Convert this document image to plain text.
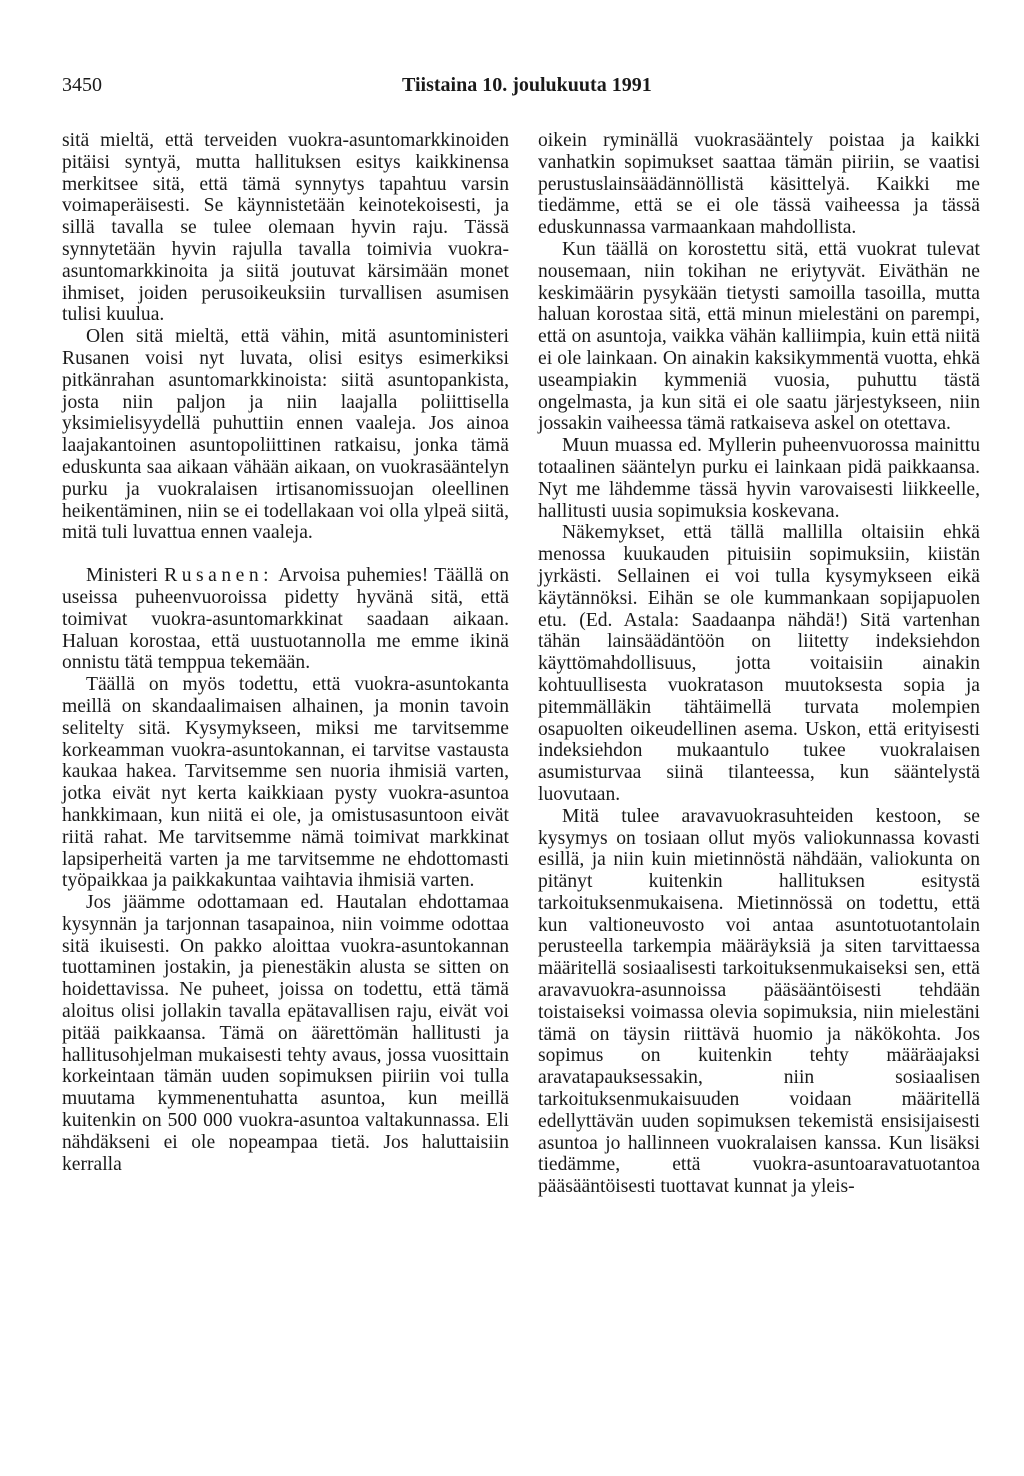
3450	Tiistaina 10. joulukuuta 1991

sitä mieltä, että terveiden vuokra-asuntomarkkinoiden pitäisi syntyä, mutta hallituksen esitys kaikkinensa merkitsee sitä, että tämä synnytys tapahtuu varsin voimaperäisesti. Se käynnistetään keinotekoisesti, ja sillä tavalla se tulee olemaan hyvin raju. Tässä synnytetään hyvin rajulla tavalla toimivia vuokra-asuntomarkkinoita ja siitä joutuvat kärsimään monet ihmiset, joiden perusoikeuksiin turvallisen asumisen tulisi kuulua.

Olen sitä mieltä, että vähin, mitä asuntoministeri Rusanen voisi nyt luvata, olisi esitys esimerkiksi pitkänrahan asuntomarkkinoista: siitä asuntopankista, josta niin paljon ja niin laajalla poliittisella yksimielisyydellä puhuttiin ennen vaaleja. Jos ainoa laajakantoinen asuntopoliittinen ratkaisu, jonka tämä eduskunta saa aikaan vähään aikaan, on vuokrasääntelyn purku ja vuokralaisen irtisanomissuojan oleellinen heikentäminen, niin se ei todellakaan voi olla ylpeä siitä, mitä tuli luvattua ennen vaaleja.

Ministeri Rusanen: Arvoisa puhemies! Täällä on useissa puheenvuoroissa pidetty hyvänä sitä, että toimivat vuokra-asuntomarkkinat saadaan aikaan. Haluan korostaa, että uustuotannolla me emme ikinä onnistu tätä temppua tekemään.

Täällä on myös todettu, että vuokra-asuntokanta meillä on skandaalimaisen alhainen, ja monin tavoin selitelty sitä. Kysymykseen, miksi me tarvitsemme korkeamman vuokra-asuntokannan, ei tarvitse vastausta kaukaa hakea. Tarvitsemme sen nuoria ihmisiä varten, jotka eivät nyt kerta kaikkiaan pysty vuokra-asuntoa hankkimaan, kun niitä ei ole, ja omistusasuntoon eivät riitä rahat. Me tarvitsemme nämä toimivat markkinat lapsiperheitä varten ja me tarvitsemme ne ehdottomasti työpaikkaa ja paikkakuntaa vaihtavia ihmisiä varten.

Jos jäämme odottamaan ed. Hautalan ehdottamaa kysynnän ja tarjonnan tasapainoa, niin voimme odottaa sitä ikuisesti. On pakko aloittaa vuokra-asuntokannan tuottaminen jostakin, ja pienestäkin alusta se sitten on hoidettavissa. Ne puheet, joissa on todettu, että tämä aloitus olisi jollakin tavalla epätavallisen raju, eivät voi pitää paikkaansa. Tämä on äärettömän hallitusti ja hallitusohjelman mukaisesti tehty avaus, jossa vuosittain korkeintaan tämän uuden sopimuksen piiriin voi tulla muutama kymmenentuhatta asuntoa, kun meillä kuitenkin on 500 000 vuokra-asuntoa valtakunnassa. Eli nähdäkseni ei ole nopeampaa tietä. Jos haluttaisiin kerralla

oikein ryminällä vuokrasääntely poistaa ja kaikki vanhatkin sopimukset saattaa tämän piiriin, se vaatisi perustuslainsäädännöllistä käsittelyä. Kaikki me tiedämme, että se ei ole tässä vaiheessa ja tässä eduskunnassa varmaankaan mahdollista.

Kun täällä on korostettu sitä, että vuokrat tulevat nousemaan, niin tokihan ne eriytyvät. Eiväthän ne keskimäärin pysykään tietysti samoilla tasoilla, mutta haluan korostaa sitä, että minun mielestäni on parempi, että on asuntoja, vaikka vähän kalliimpia, kuin että niitä ei ole lainkaan. On ainakin kaksikymmentä vuotta, ehkä useampiakin kymmeniä vuosia, puhuttu tästä ongelmasta, ja kun sitä ei ole saatu järjestykseen, niin jossakin vaiheessa tämä ratkaiseva askel on otettava.

Muun muassa ed. Myllerin puheenvuorossa mainittu totaalinen sääntelyn purku ei lainkaan pidä paikkaansa. Nyt me lähdemme tässä hyvin varovaisesti liikkeelle, hallitusti uusia sopimuksia koskevana.

Näkemykset, että tällä mallilla oltaisiin ehkä menossa kuukauden pituisiin sopimuksiin, kiistän jyrkästi. Sellainen ei voi tulla kysymykseen eikä käytännöksi. Eihän se ole kummankaan sopijapuolen etu. (Ed. Astala: Saadaanpa nähdä!) Sitä vartenhan tähän lainsäädäntöön on liitetty indeksiehdon käyttömahdollisuus, jotta voitaisiin ainakin kohtuullisesta vuokratason muutoksesta sopia ja pitemmälläkin tähtäimellä turvata molempien osapuolten oikeudellinen asema. Uskon, että erityisesti indeksiehdon mukaantulo tukee vuokralaisen asumisturvaa siinä tilanteessa, kun sääntelystä luovutaan.

Mitä tulee aravavuokrasuhteiden kestoon, se kysymys on tosiaan ollut myös valiokunnassa kovasti esillä, ja niin kuin mietinnöstä nähdään, valiokunta on pitänyt kuitenkin hallituksen esitystä tarkoituksenmukaisena. Mietinnössä on todettu, että kun valtioneuvosto voi antaa asuntotuotantolain perusteella tarkempia määräyksiä ja siten tarvittaessa määritellä sosiaalisesti tarkoituksenmukaiseksi sen, että aravavuokra-asunnoissa pääsääntöisesti tehdään toistaiseksi voimassa olevia sopimuksia, niin mielestäni tämä on täysin riittävä huomio ja näkökohta. Jos sopimus on kuitenkin tehty määräajaksi aravatapauksessakin, niin sosiaalisen tarkoituksenmukaisuuden voidaan määritellä edellyttävän uuden sopimuksen tekemistä ensisijaisesti asuntoa jo hallinneen vuokralaisen kanssa. Kun lisäksi tiedämme, että vuokra-asuntoaravatuotantoa pääsääntöisesti tuottavat kunnat ja yleis-
